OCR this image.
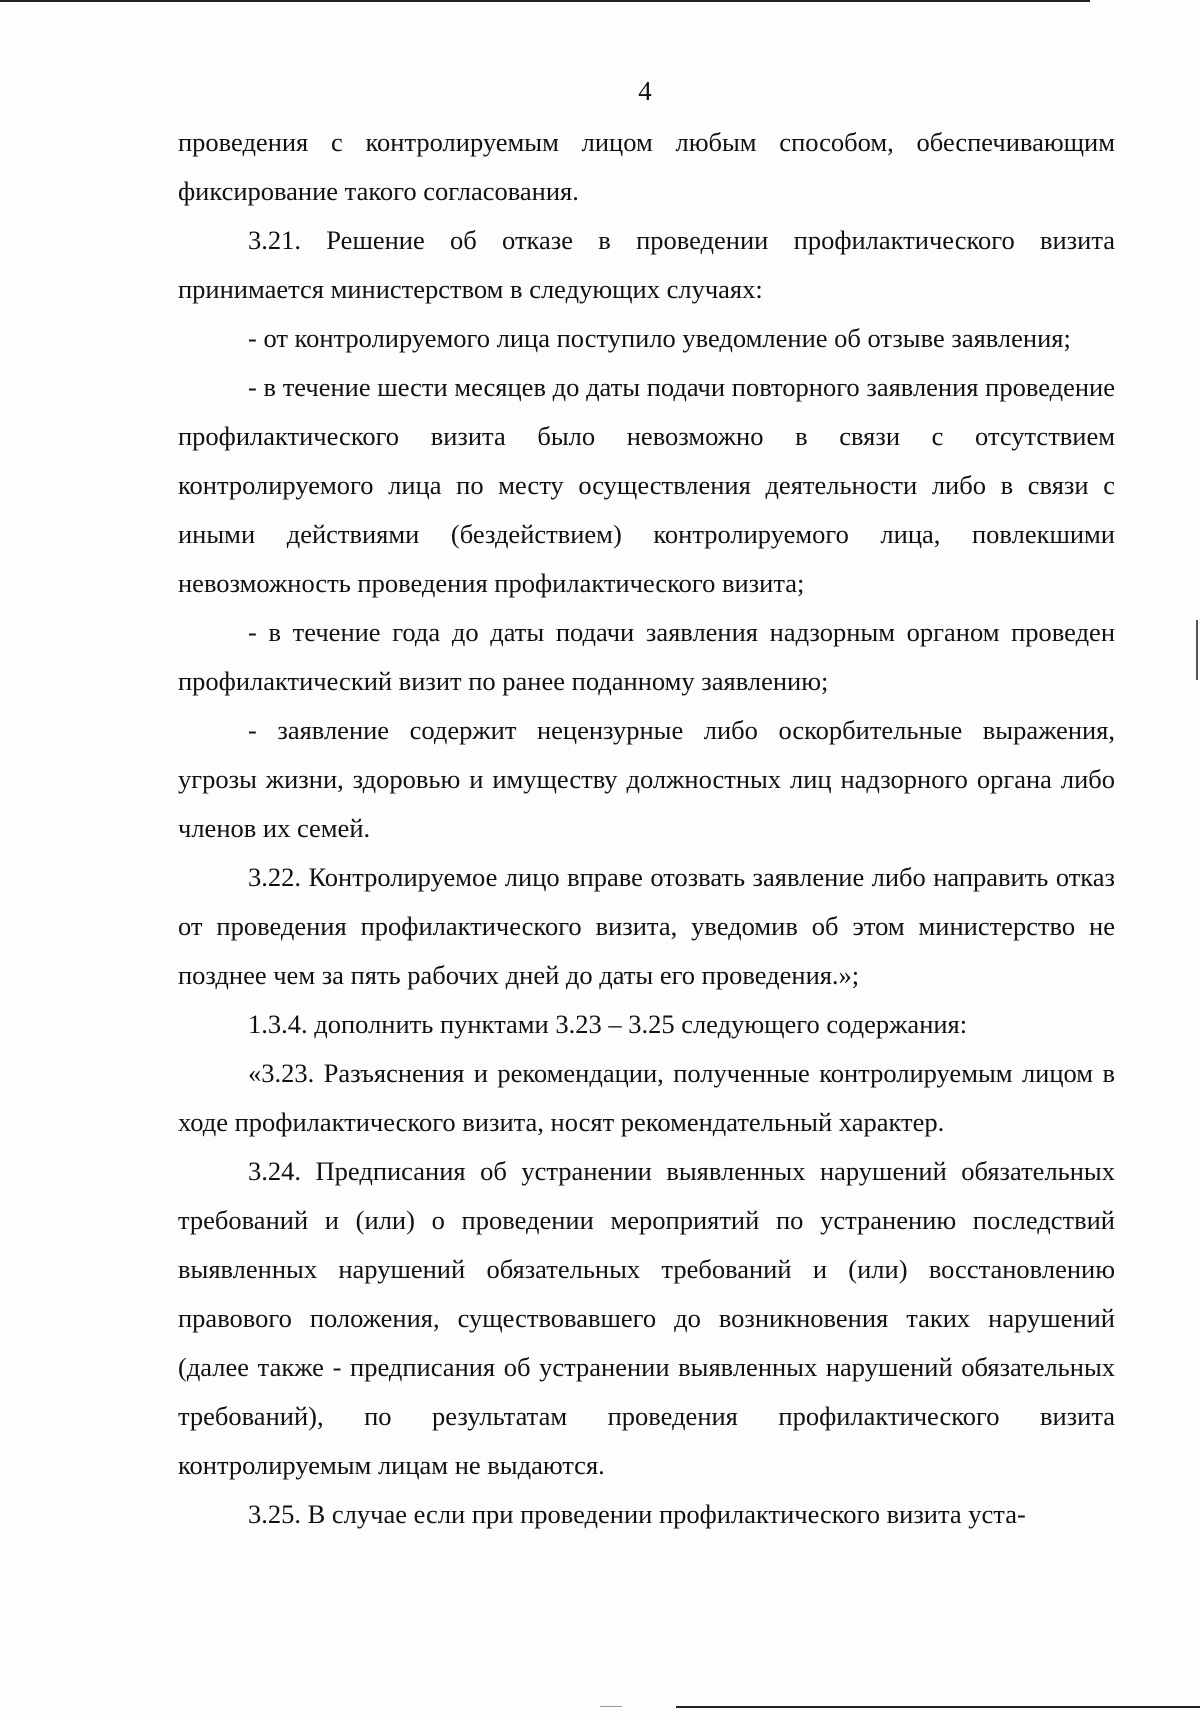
4

проведения с контролируемым лицом любым способом, обеспечивающим фиксирование такого согласования.

3.21. Решение об отказе в проведении профилактического визита принимается министерством в следующих случаях:

- от контролируемого лица поступило уведомление об отзыве заявления;

- в течение шести месяцев до даты подачи повторного заявления проведение профилактического визита было невозможно в связи с отсутствием контролируемого лица по месту осуществления деятельности либо в связи с иными действиями (бездействием) контролируемого лица, повлекшими невозможность проведения профилактического визита;

- в течение года до даты подачи заявления надзорным органом проведен профилактический визит по ранее поданному заявлению;

- заявление содержит нецензурные либо оскорбительные выражения, угрозы жизни, здоровью и имуществу должностных лиц надзорного органа либо членов их семей.

3.22. Контролируемое лицо вправе отозвать заявление либо направить отказ от проведения профилактического визита, уведомив об этом министерство не позднее чем за пять рабочих дней до даты его проведения.»;

1.3.4. дополнить пунктами 3.23 – 3.25 следующего содержания:

«3.23. Разъяснения и рекомендации, полученные контролируемым лицом в ходе профилактического визита, носят рекомендательный характер.

3.24. Предписания об устранении выявленных нарушений обязательных требований и (или) о проведении мероприятий по устранению последствий выявленных нарушений обязательных требований и (или) восстановлению правового положения, существовавшего до возникновения таких нарушений (далее также - предписания об устранении выявленных нарушений обязательных требований), по результатам проведения профилактического визита контролируемым лицам не выдаются.

3.25. В случае если при проведении профилактического визита уста-
